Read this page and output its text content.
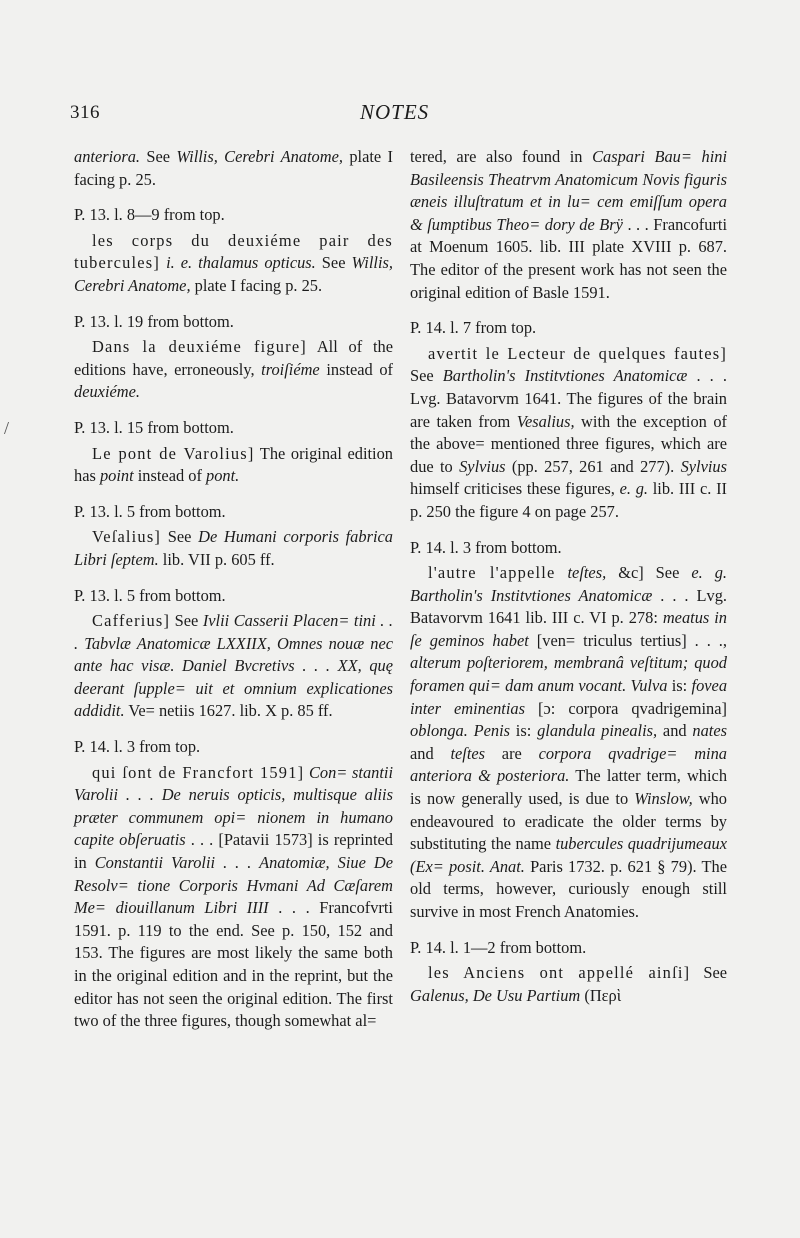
316	NOTES
/

anteriora. See Willis, Cerebri Anatome, plate I facing p. 25.

P. 13. l. 8—9 from top.

les corps du deuxiéme pair des tubercules] i. e. thalamus opticus. See Willis, Cerebri Anatome, plate I facing p. 25.

P. 13. l. 19 from bottom.

Dans la deuxiéme figure] All of the editions have, erroneously, troiſiéme instead of deuxiéme.

P. 13. l. 15 from bottom.

Le pont de Varolius] The original edition has point instead of pont.

P. 13. l. 5 from bottom.

Veſalius] See De Humani corporis fabrica Libri ſeptem. lib. VII p. 605 ff.

P. 13. l. 5 from bottom.

Cafferius] See Ivlii Casserii Placen= tini . . . Tabvlæ Anatomicæ LXXIIX, Omnes nouæ nec ante hac visæ. Daniel Bvcretivs . . . XX, quę deerant ſupple= uit et omnium explicationes addidit. Ve= netiis 1627. lib. X p. 85 ff.

P. 14. l. 3 from top.

qui ſont de Francfort 1591] Con= stantii Varolii . . . De neruis opticis, multisque aliis præter communem opi= nionem in humano capite obſeruatis . . . [Patavii 1573] is reprinted in Constantii Varolii . . . Anatomiæ, Siue De Resolv= tione Corporis Hvmani Ad Cæſarem Me= diouillanum Libri IIII . . . Francofvrti 1591. p. 119 to the end. See p. 150, 152 and 153. The figures are most likely the same both in the original edition and in the reprint, but the editor has not seen the original edition. The first two of the three figures, though somewhat al=

tered, are also found in Caspari Bau= hini Basileensis Theatrvm Anatomicum Novis figuris æneis illuſtratum et in lu= cem emiſſum opera & ſumptibus Theo= dory de Brÿ . . . Francofurti at Moenum 1605. lib. III plate XVIII p. 687. The editor of the present work has not seen the original edition of Basle 1591.

P. 14. l. 7 from top.

avertit le Lecteur de quelques fautes] See Bartholin's Institvtiones Anatomicæ . . . Lvg. Batavorvm 1641. The figures of the brain are taken from Vesalius, with the exception of the above= mentioned three figures, which are due to Sylvius (pp. 257, 261 and 277). Sylvius himself criticises these figures, e. g. lib. III c. II p. 250 the figure 4 on page 257.

P. 14. l. 3 from bottom.

l'autre l'appelle teſtes, &c] See e. g. Bartholin's Institvtiones Anatomicæ . . . Lvg. Batavorvm 1641 lib. III c. VI p. 278: meatus in ſe geminos habet [ven= triculus tertius] . . ., alterum poſteriorem, membranâ veſtitum; quod foramen qui= dam anum vocant. Vulva is: fovea inter eminentias [ɔ: corpora qvadrigemina] oblonga. Penis is: glandula pinealis, and nates and teſtes are corpora qvadrige= mina anteriora & posteriora. The latter term, which is now generally used, is due to Winslow, who endeavoured to eradicate the older terms by substituting the name tubercules quadrijumeaux (Ex= posit. Anat. Paris 1732. p. 621 § 79). The old terms, however, curiously enough still survive in most French Anatomies.

P. 14. l. 1—2 from bottom.

les Anciens ont appellé ainſi] See Galenus, De Usu Partium (Περὶ
